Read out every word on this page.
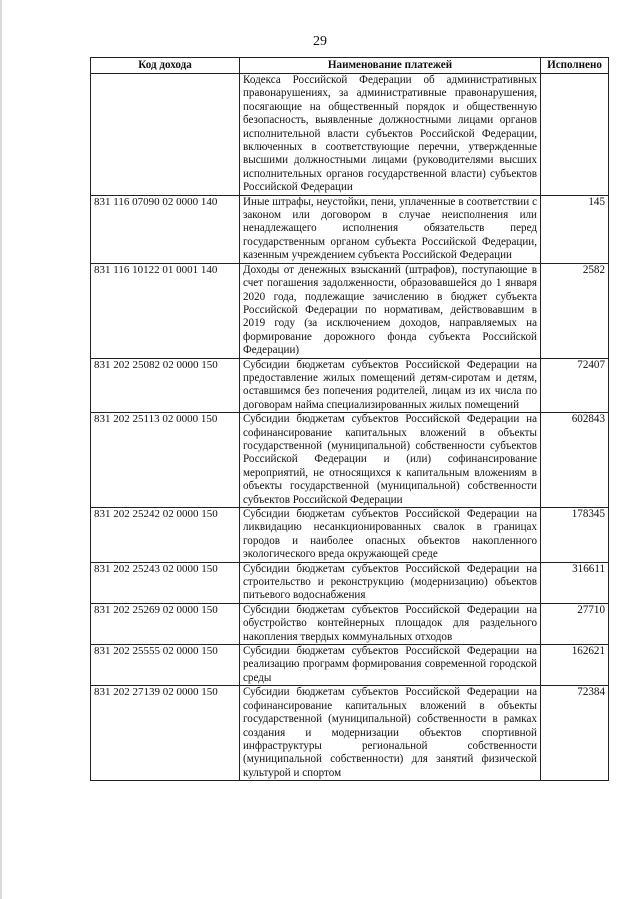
29
Код дохода	Наименование платежей	Исполнено
	Кодекса Российской Федерации об административных правонарушениях, за административные правонарушения, посягающие на общественный порядок и общественную безопасность, выявленные должностными лицами органов исполнительной власти субъектов Российской Федерации, включенных в соответствующие перечни, утвержденные высшими должностными лицами (руководителями высших исполнительных органов государственной власти) субъектов Российской Федерации	
831 116 07090 02 0000 140	Иные штрафы, неустойки, пени, уплаченные в соответствии с законом или договором в случае неисполнения или ненадлежащего исполнения обязательств перед государственным органом субъекта Российской Федерации, казенным учреждением субъекта Российской Федерации	145
831 116 10122 01 0001 140	Доходы от денежных взысканий (штрафов), поступающие в счет погашения задолженности, образовавшейся до 1 января 2020 года, подлежащие зачислению в бюджет субъекта Российской Федерации по нормативам, действовавшим в 2019 году (за исключением доходов, направляемых на формирование дорожного фонда субъекта Российской Федерации)	2582
831 202 25082 02 0000 150	Субсидии бюджетам субъектов Российской Федерации на предоставление жилых помещений детям-сиротам и детям, оставшимся без попечения родителей, лицам из их числа по договорам найма специализированных жилых помещений	72407
831 202 25113 02 0000 150	Субсидии бюджетам субъектов Российской Федерации на софинансирование капитальных вложений в объекты государственной (муниципальной) собственности субъектов Российской Федерации и (или) софинансирование мероприятий, не относящихся к капитальным вложениям в объекты государственной (муниципальной) собственности субъектов Российской Федерации	602843
831 202 25242 02 0000 150	Субсидии бюджетам субъектов Российской Федерации на ликвидацию несанкционированных свалок в границах городов и наиболее опасных объектов накопленного экологического вреда окружающей среде	178345
831 202 25243 02 0000 150	Субсидии бюджетам субъектов Российской Федерации на строительство и реконструкцию (модернизацию) объектов питьевого водоснабжения	316611
831 202 25269 02 0000 150	Субсидии бюджетам субъектов Российской Федерации на обустройство контейнерных площадок для раздельного накопления твердых коммунальных отходов	27710
831 202 25555 02 0000 150	Субсидии бюджетам субъектов Российской Федерации на реализацию программ формирования современной городской среды	162621
831 202 27139 02 0000 150	Субсидии бюджетам субъектов Российской Федерации на софинансирование капитальных вложений в объекты государственной (муниципальной) собственности в рамках создания и модернизации объектов спортивной инфраструктуры региональной собственности (муниципальной собственности) для занятий физической культурой и спортом	72384
